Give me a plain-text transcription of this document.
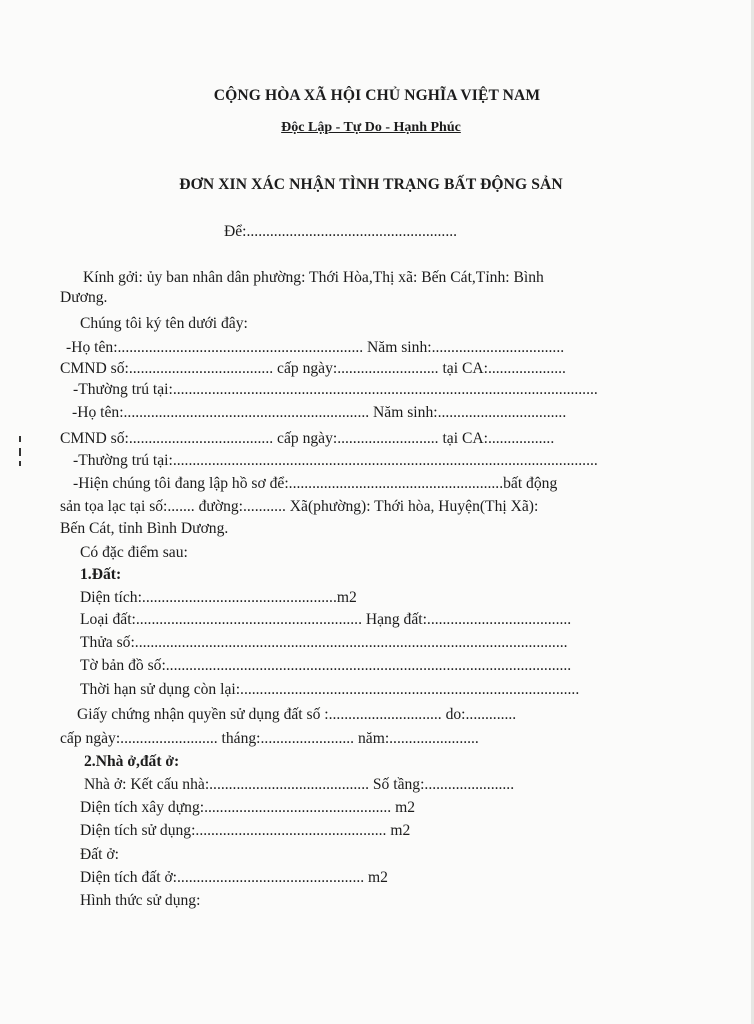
CỘNG HÒA XÃ HỘI CHỦ NGHĨA VIỆT NAM
Độc Lập - Tự Do - Hạnh Phúc
ĐƠN XIN XÁC NHẬN TÌNH TRẠNG BẤT ĐỘNG SẢN
Để:......................................................
Kính gởi: ủy ban nhân dân phường: Thới Hòa,Thị xã: Bến Cát,Tỉnh: Bình
Dương.
Chúng tôi ký tên dưới đây:
-Họ tên:............................................................... Năm sinh:..................................
CMND số:..................................... cấp ngày:.......................... tại CA:....................
-Thường trú tại:.............................................................................................................
-Họ tên:............................................................... Năm sinh:.................................
CMND số:..................................... cấp ngày:.......................... tại CA:.................
-Thường trú tại:.............................................................................................................
-Hiện chúng tôi đang lập hồ sơ để:.......................................................bất động
sản tọa lạc tại số:....... đường:........... Xã(phường): Thới hòa, Huyện(Thị Xã):
Bến Cát, tỉnh Bình Dương.
Có đặc điểm sau:
1.Đất:
Diện tích:..................................................m2
Loại đất:.......................................................... Hạng đất:.....................................
Thửa số:...............................................................................................................
Tờ bản đồ số:........................................................................................................
Thời hạn sử dụng còn lại:.......................................................................................
Giấy chứng nhận quyền sử dụng đất số :............................. do:.............
cấp ngày:......................... tháng:........................ năm:.......................
2.Nhà ở,đất ở:
Nhà ở: Kết cấu nhà:......................................... Số tầng:.......................
Diện tích xây dựng:................................................ m2
Diện tích sử dụng:................................................. m2
Đất ở:
Diện tích đất ở:................................................ m2
Hình thức sử dụng:
